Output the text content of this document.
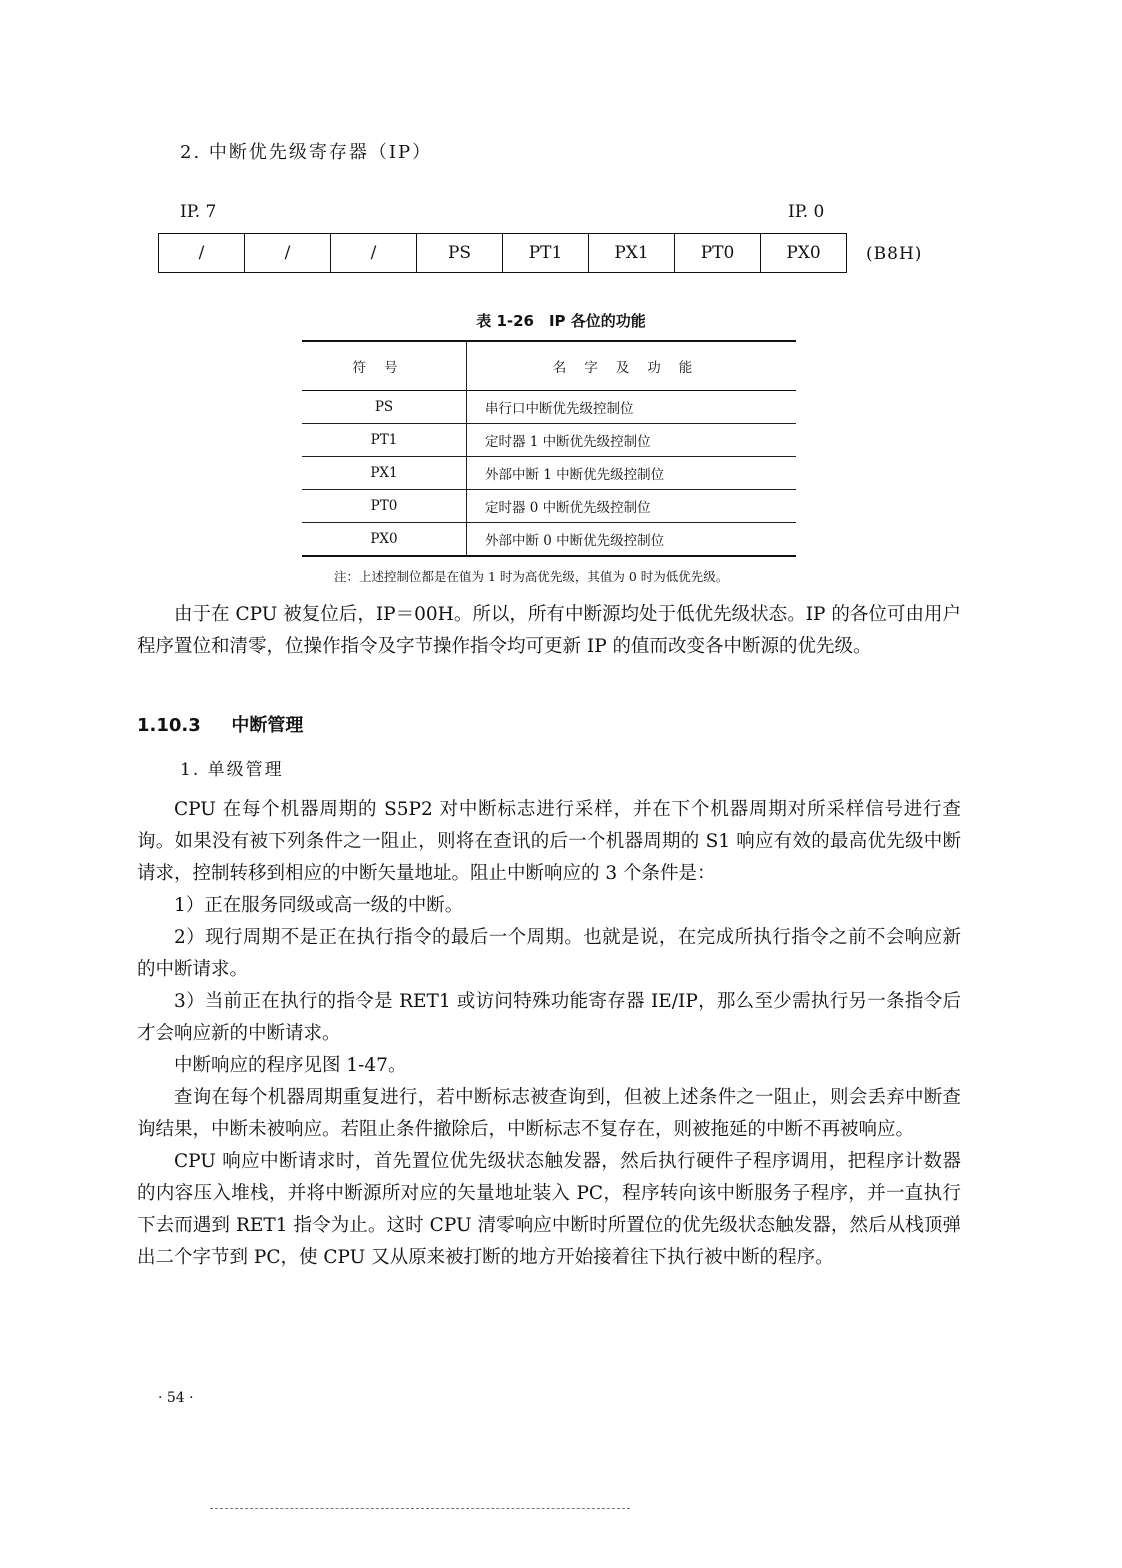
2. 中断优先级寄存器（IP）
IP. 7	IP. 0
/	/	/	PS	PT1	PX1	PT0	PX0	(B8H)
表 1-26　IP 各位的功能
符号	名字及功能
PS	串行口中断优先级控制位
PT1	定时器 1 中断优先级控制位
PX1	外部中断 1 中断优先级控制位
PT0	定时器 0 中断优先级控制位
PX0	外部中断 0 中断优先级控制位
注：上述控制位都是在值为 1 时为高优先级，其值为 0 时为低优先级。

由于在 CPU 被复位后，IP＝00H。所以，所有中断源均处于低优先级状态。IP 的各位可由用户程序置位和清零，位操作指令及字节操作指令均可更新 IP 的值而改变各中断源的优先级。

1.10.3 中断管理
1. 单级管理

CPU 在每个机器周期的 S5P2 对中断标志进行采样，并在下个机器周期对所采样信号进行查询。如果没有被下列条件之一阻止，则将在查讯的后一个机器周期的 S1 响应有效的最高优先级中断请求，控制转移到相应的中断矢量地址。阻止中断响应的 3 个条件是：

1）正在服务同级或高一级的中断。

2）现行周期不是正在执行指令的最后一个周期。也就是说，在完成所执行指令之前不会响应新的中断请求。

3）当前正在执行的指令是 RET1 或访问特殊功能寄存器 IE/IP，那么至少需执行另一条指令后才会响应新的中断请求。

中断响应的程序见图 1-47。

查询在每个机器周期重复进行，若中断标志被查询到，但被上述条件之一阻止，则会丢弃中断查询结果，中断未被响应。若阻止条件撤除后，中断标志不复存在，则被拖延的中断不再被响应。

CPU 响应中断请求时，首先置位优先级状态触发器，然后执行硬件子程序调用，把程序计数器的内容压入堆栈，并将中断源所对应的矢量地址装入 PC，程序转向该中断服务子程序，并一直执行下去而遇到 RET1 指令为止。这时 CPU 清零响应中断时所置位的优先级状态触发器，然后从栈顶弹出二个字节到 PC，使 CPU 又从原来被打断的地方开始接着往下执行被中断的程序。

· 54 ·
